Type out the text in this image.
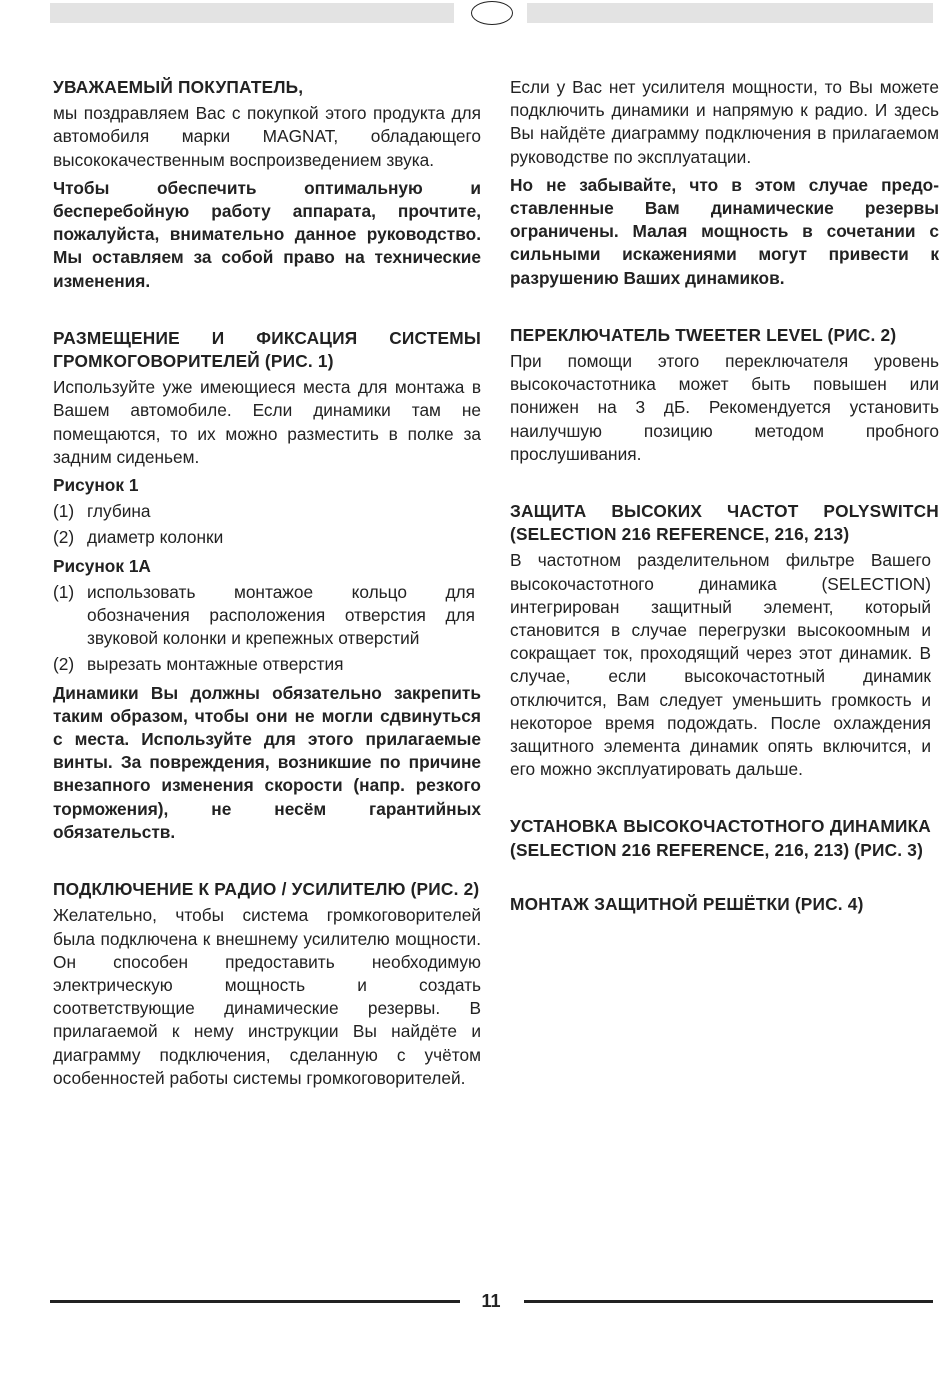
УВАЖАЕМЫЙ ПОКУПАТЕЛЬ,

мы поздравляем Вас с покупкой этого продукта для автомобиля марки MAGNAT, обладающего высококачественным воспроизведением звука.

Чтобы обеспечить оптимальную и бесперебойную работу аппарата, прочтите, пожалуйста, внимательно данное руководство. Мы оставляем за собой право на технические изменения.

РАЗМЕЩЕНИЕ И ФИКСАЦИЯ СИСТЕМЫ ГРОМКОГОВОРИТЕЛЕЙ (РИС. 1)

Используйте уже имеющиеся места для монтажа в Вашем автомобиле. Если динамики там не помещаются, то их можно разместить в полке за задним сиденьем.

Рисунок 1

(1) глубина
(2) диаметр колонки

Рисунок 1А

(1) использовать монтажое кольцо для обозначения расположения отверстия для звуковой колонки и крепежных отверстий
(2) вырезать монтажные отверстия

Динамики Вы должны обязательно закрепить таким образом, чтобы они не могли сдвинуться с места. Используйте для этого прилагаемые винты. За повреждения, возникшие по причине внезапного изменения скорости (напр. резкого торможения), не несём гарантийных обязательств.

ПОДКЛЮЧЕНИЕ К РАДИО / УСИЛИТЕЛЮ (РИС. 2)

Желательно, чтобы система громкоговорителей была подключена к внешнему усилителю мощности. Он способен предоставить необходимую электрическую мощность и создать соответствующие динамические резервы. В прилагаемой к нему инструкции Вы найдёте и диаграмму подключения, сделанную с учётом особенностей работы системы громкоговорителей.

Если у Вас нет усилителя мощности, то Вы можете подключить динамики и напрямую к радио. И здесь Вы найдёте диаграмму подключения в прилагаемом руководстве по эксплуатации.

Но не забывайте, что в этом случае предоставленные Вам динамические резервы ограничены. Малая мощность в сочетании с сильными искажениями могут привести к разрушению Ваших динамиков.

ПЕРЕКЛЮЧАТЕЛЬ TWEETER LEVEL (РИС. 2)

При помощи этого переключателя уровень высокочастотника может быть повышен или понижен на 3 дБ. Рекомендуется установить наилучшую позицию методом пробного прослушивания.

ЗАЩИТА ВЫСОКИХ ЧАСТОТ POLYSWITCH (SELECTION 216 REFERENCE, 216, 213)

В частотном разделительном фильтре Вашего высокочастотного динамика (SELECTION) интегрирован защитный элемент, который становится в случае перегрузки высокоомным и сокращает ток, проходящий через этот динамик. В случае, если высокочастотный динамик отключится, Вам следует уменьшить громкость и некоторое время подождать. После охлаждения защитного элемента динамик опять включится, и его можно эксплуатировать дальше.

УСТАНОВКА ВЫСОКОЧАСТОТНОГО ДИНАМИКА (SELECTION 216 REFERENCE, 216, 213) (РИС. 3)

МОНТАЖ ЗАЩИТНОЙ РЕШЁТКИ (РИС. 4)

11
